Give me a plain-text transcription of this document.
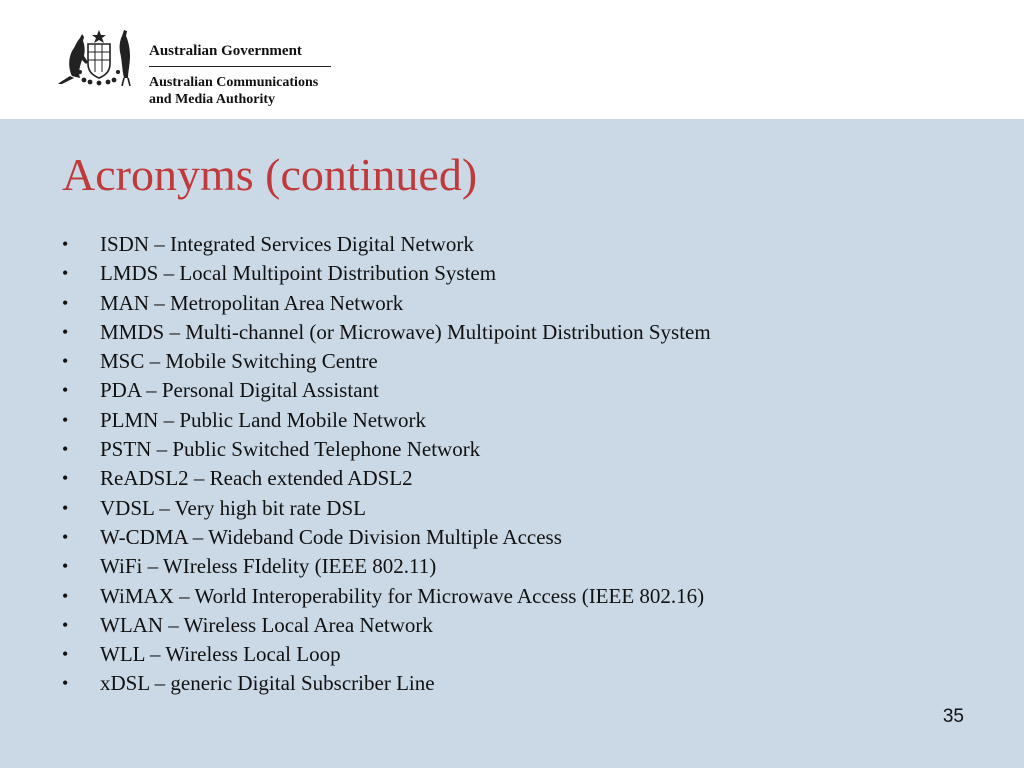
Australian Government
Australian Communications
and Media Authority
Acronyms (continued)
• ISDN – Integrated Services Digital Network
• LMDS – Local Multipoint Distribution System
• MAN – Metropolitan Area Network
• MMDS – Multi-channel (or Microwave) Multipoint Distribution System
• MSC – Mobile Switching Centre
• PDA – Personal Digital Assistant
• PLMN – Public Land Mobile Network
• PSTN – Public Switched Telephone Network
• ReADSL2 – Reach extended ADSL2
• VDSL – Very high bit rate DSL
• W-CDMA – Wideband Code Division Multiple Access
• WiFi – WIreless FIdelity (IEEE 802.11)
• WiMAX – World Interoperability for Microwave Access (IEEE 802.16)
• WLAN – Wireless Local Area Network
• WLL – Wireless Local Loop
• xDSL – generic Digital Subscriber Line
35
